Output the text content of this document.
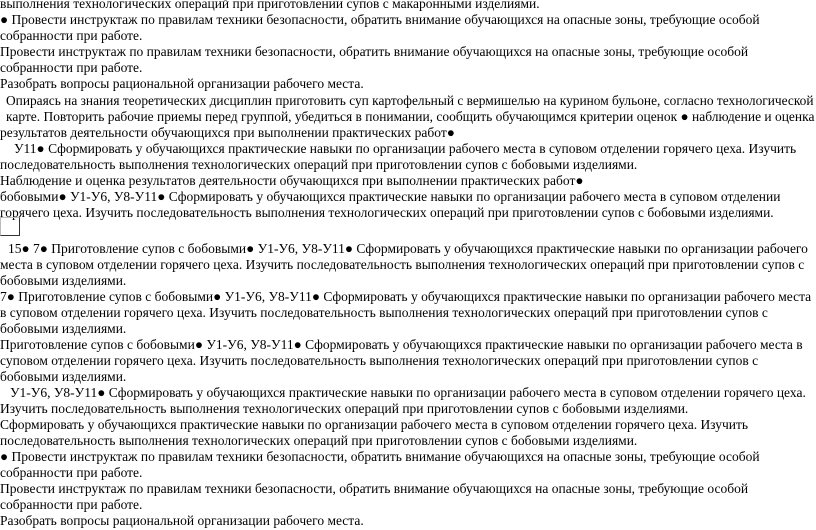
выполнения технологических операций при приготовлении супов с макаронными изделиями.
● Провести инструктаж по правилам техники безопасности, обратить внимание обучающихся на опасные зоны, требующие особой
собранности при работе.
Провести инструктаж по правилам техники безопасности, обратить внимание обучающихся на опасные зоны, требующие особой
собранности при работе.
Разобрать вопросы рациональной организации рабочего места.
Опираясь на знания теоретических дисциплин приготовить суп картофельный с вермишелью на курином бульоне, согласно технологической
карте. Повторить рабочие приемы перед группой, убедиться в понимании, сообщить обучающимся критерии оценок ● наблюдение и оценка
результатов деятельности обучающихся при выполнении практических работ●
У11● Сформировать у обучающихся практические навыки по организации рабочего места в суповом отделении горячего цеха. Изучить
последовательность выполнения технологических операций при приготовлении супов с бобовыми изделиями.
Наблюдение и оценка результатов деятельности обучающихся при выполнении практических работ●
бобовыми● У1-У6, У8-У11● Сформировать у обучающихся практические навыки по организации рабочего места в суповом отделении
горячего цеха. Изучить последовательность выполнения технологических операций при приготовлении супов с бобовыми изделиями.
15● 7● Приготовление супов с бобовыми● У1-У6, У8-У11● Сформировать у обучающихся практические навыки по организации рабочего
места в суповом отделении горячего цеха. Изучить последовательность выполнения технологических операций при приготовлении супов с
бобовыми изделиями.
7● Приготовление супов с бобовыми● У1-У6, У8-У11● Сформировать у обучающихся практические навыки по организации рабочего места
в суповом отделении горячего цеха. Изучить последовательность выполнения технологических операций при приготовлении супов с
бобовыми изделиями.
Приготовление супов с бобовыми● У1-У6, У8-У11● Сформировать у обучающихся практические навыки по организации рабочего места в
суповом отделении горячего цеха. Изучить последовательность выполнения технологических операций при приготовлении супов с
бобовыми изделиями.
У1-У6, У8-У11● Сформировать у обучающихся практические навыки по организации рабочего места в суповом отделении горячего цеха.
Изучить последовательность выполнения технологических операций при приготовлении супов с бобовыми изделиями.
Сформировать у обучающихся практические навыки по организации рабочего места в суповом отделении горячего цеха. Изучить
последовательность выполнения технологических операций при приготовлении супов с бобовыми изделиями.
● Провести инструктаж по правилам техники безопасности, обратить внимание обучающихся на опасные зоны, требующие особой
собранности при работе.
Провести инструктаж по правилам техники безопасности, обратить внимание обучающихся на опасные зоны, требующие особой
собранности при работе.
Разобрать вопросы рациональной организации рабочего места.
